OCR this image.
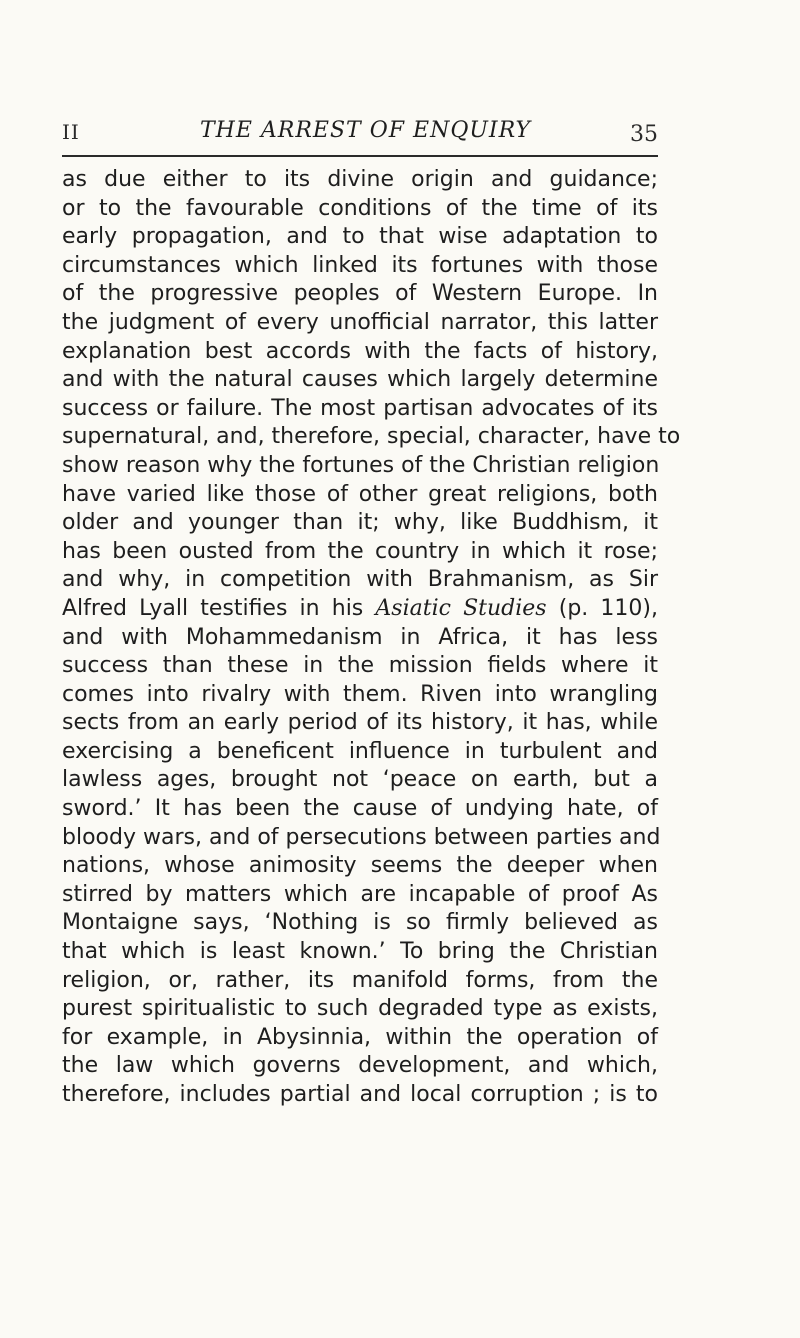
II	THE ARREST OF ENQUIRY	35
as due either to its divine origin and guidance;
or to the favourable conditions of the time of its
early propagation, and to that wise adaptation to
circumstances which linked its fortunes with those
of the progressive peoples of Western Europe. In
the judgment of every unofficial narrator, this latter
explanation best accords with the facts of history,
and with the natural causes which largely determine
success or failure. The most partisan advocates of its
supernatural, and, therefore, special, character, have to
show reason why the fortunes of the Christian religion
have varied like those of other great religions, both
older and younger than it; why, like Buddhism, it
has been ousted from the country in which it rose;
and why, in competition with Brahmanism, as Sir
Alfred Lyall testifies in his Asiatic Studies (p. 110),
and with Mohammedanism in Africa, it has less
success than these in the mission fields where it
comes into rivalry with them. Riven into wrangling
sects from an early period of its history, it has, while
exercising a beneficent influence in turbulent and
lawless ages, brought not ‘peace on earth, but a
sword.’ It has been the cause of undying hate, of
bloody wars, and of persecutions between parties and
nations, whose animosity seems the deeper when
stirred by matters which are incapable of proof As
Montaigne says, ‘Nothing is so firmly believed as
that which is least known.’ To bring the Christian
religion, or, rather, its manifold forms, from the
purest spiritualistic to such degraded type as exists,
for example, in Abysinnia, within the operation of
the law which governs development, and which,
therefore, includes partial and local corruption ; is to
